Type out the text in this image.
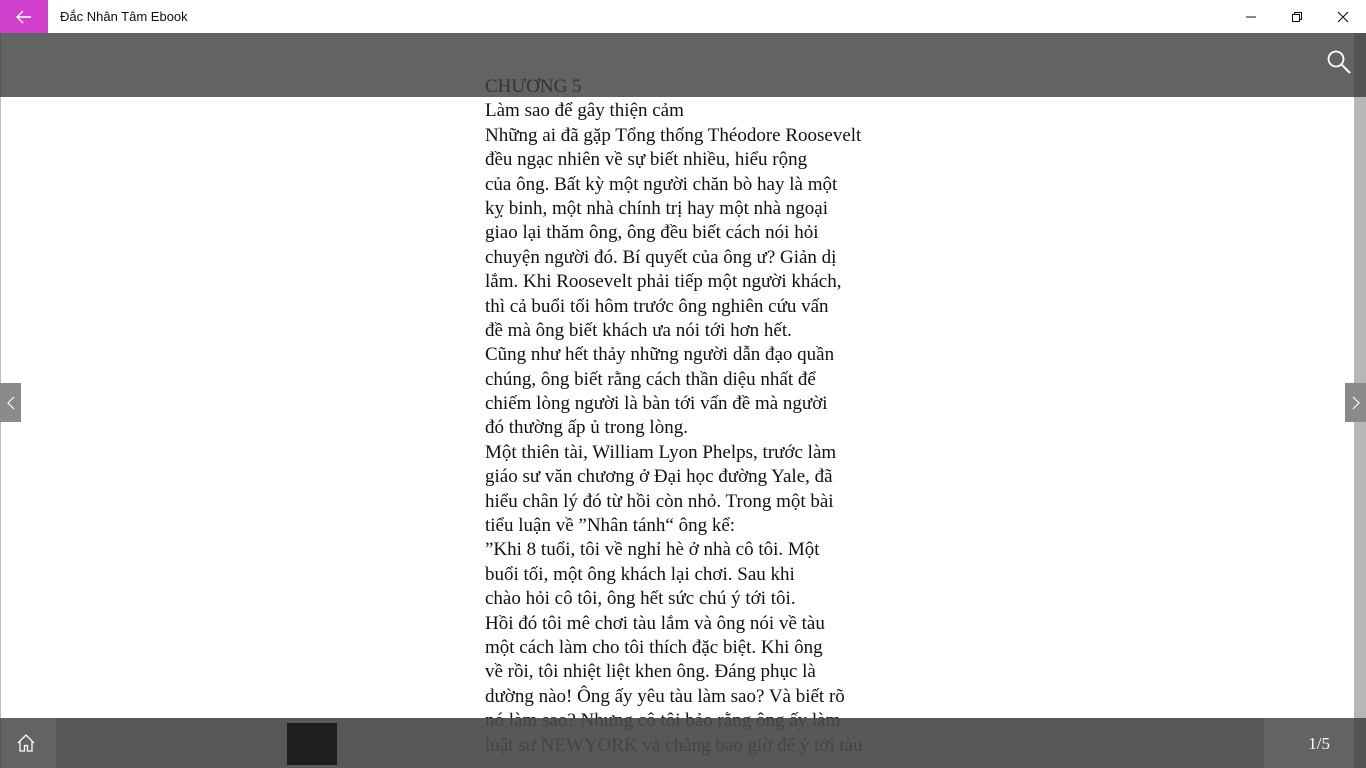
Đắc Nhân Tâm Ebook
Làm sao để gây thiện cảm
Những ai đã gặp Tổng thống Théodore Roosevelt
đều ngạc nhiên về sự biết nhiều, hiểu rộng
của ông. Bất kỳ một người chăn bò hay là một
kỵ binh, một nhà chính trị hay một nhà ngoại
giao lại thăm ông, ông đều biết cách nói hỏi
chuyện người đó. Bí quyết của ông ư? Giản dị
lắm. Khi Roosevelt phải tiếp một người khách,
thì cả buổi tối hôm trước ông nghiên cứu vấn
đề mà ông biết khách ưa nói tới hơn hết.
Cũng như hết thảy những người dẫn đạo quần
chúng, ông biết rằng cách thần diệu nhất để
chiếm lòng người là bàn tới vấn đề mà người
đó thường ấp ủ trong lòng.
Một thiên tài, William Lyon Phelps, trước làm
giáo sư văn chương ở Đại học đường Yale, đã
hiểu chân lý đó từ hồi còn nhỏ. Trong một bài
tiểu luận về ”Nhân tánh“ ông kể:
”Khi 8 tuổi, tôi về nghỉ hè ở nhà cô tôi. Một
buổi tối, một ông khách lại chơi. Sau khi
chào hỏi cô tôi, ông hết sức chú ý tới tôi.
Hồi đó tôi mê chơi tàu lắm và ông nói về tàu
một cách làm cho tôi thích đặc biệt. Khi ông
về rồi, tôi nhiệt liệt khen ông. Đáng phục là
dường nào! Ông ấy yêu tàu làm sao? Và biết rõ
1/5
